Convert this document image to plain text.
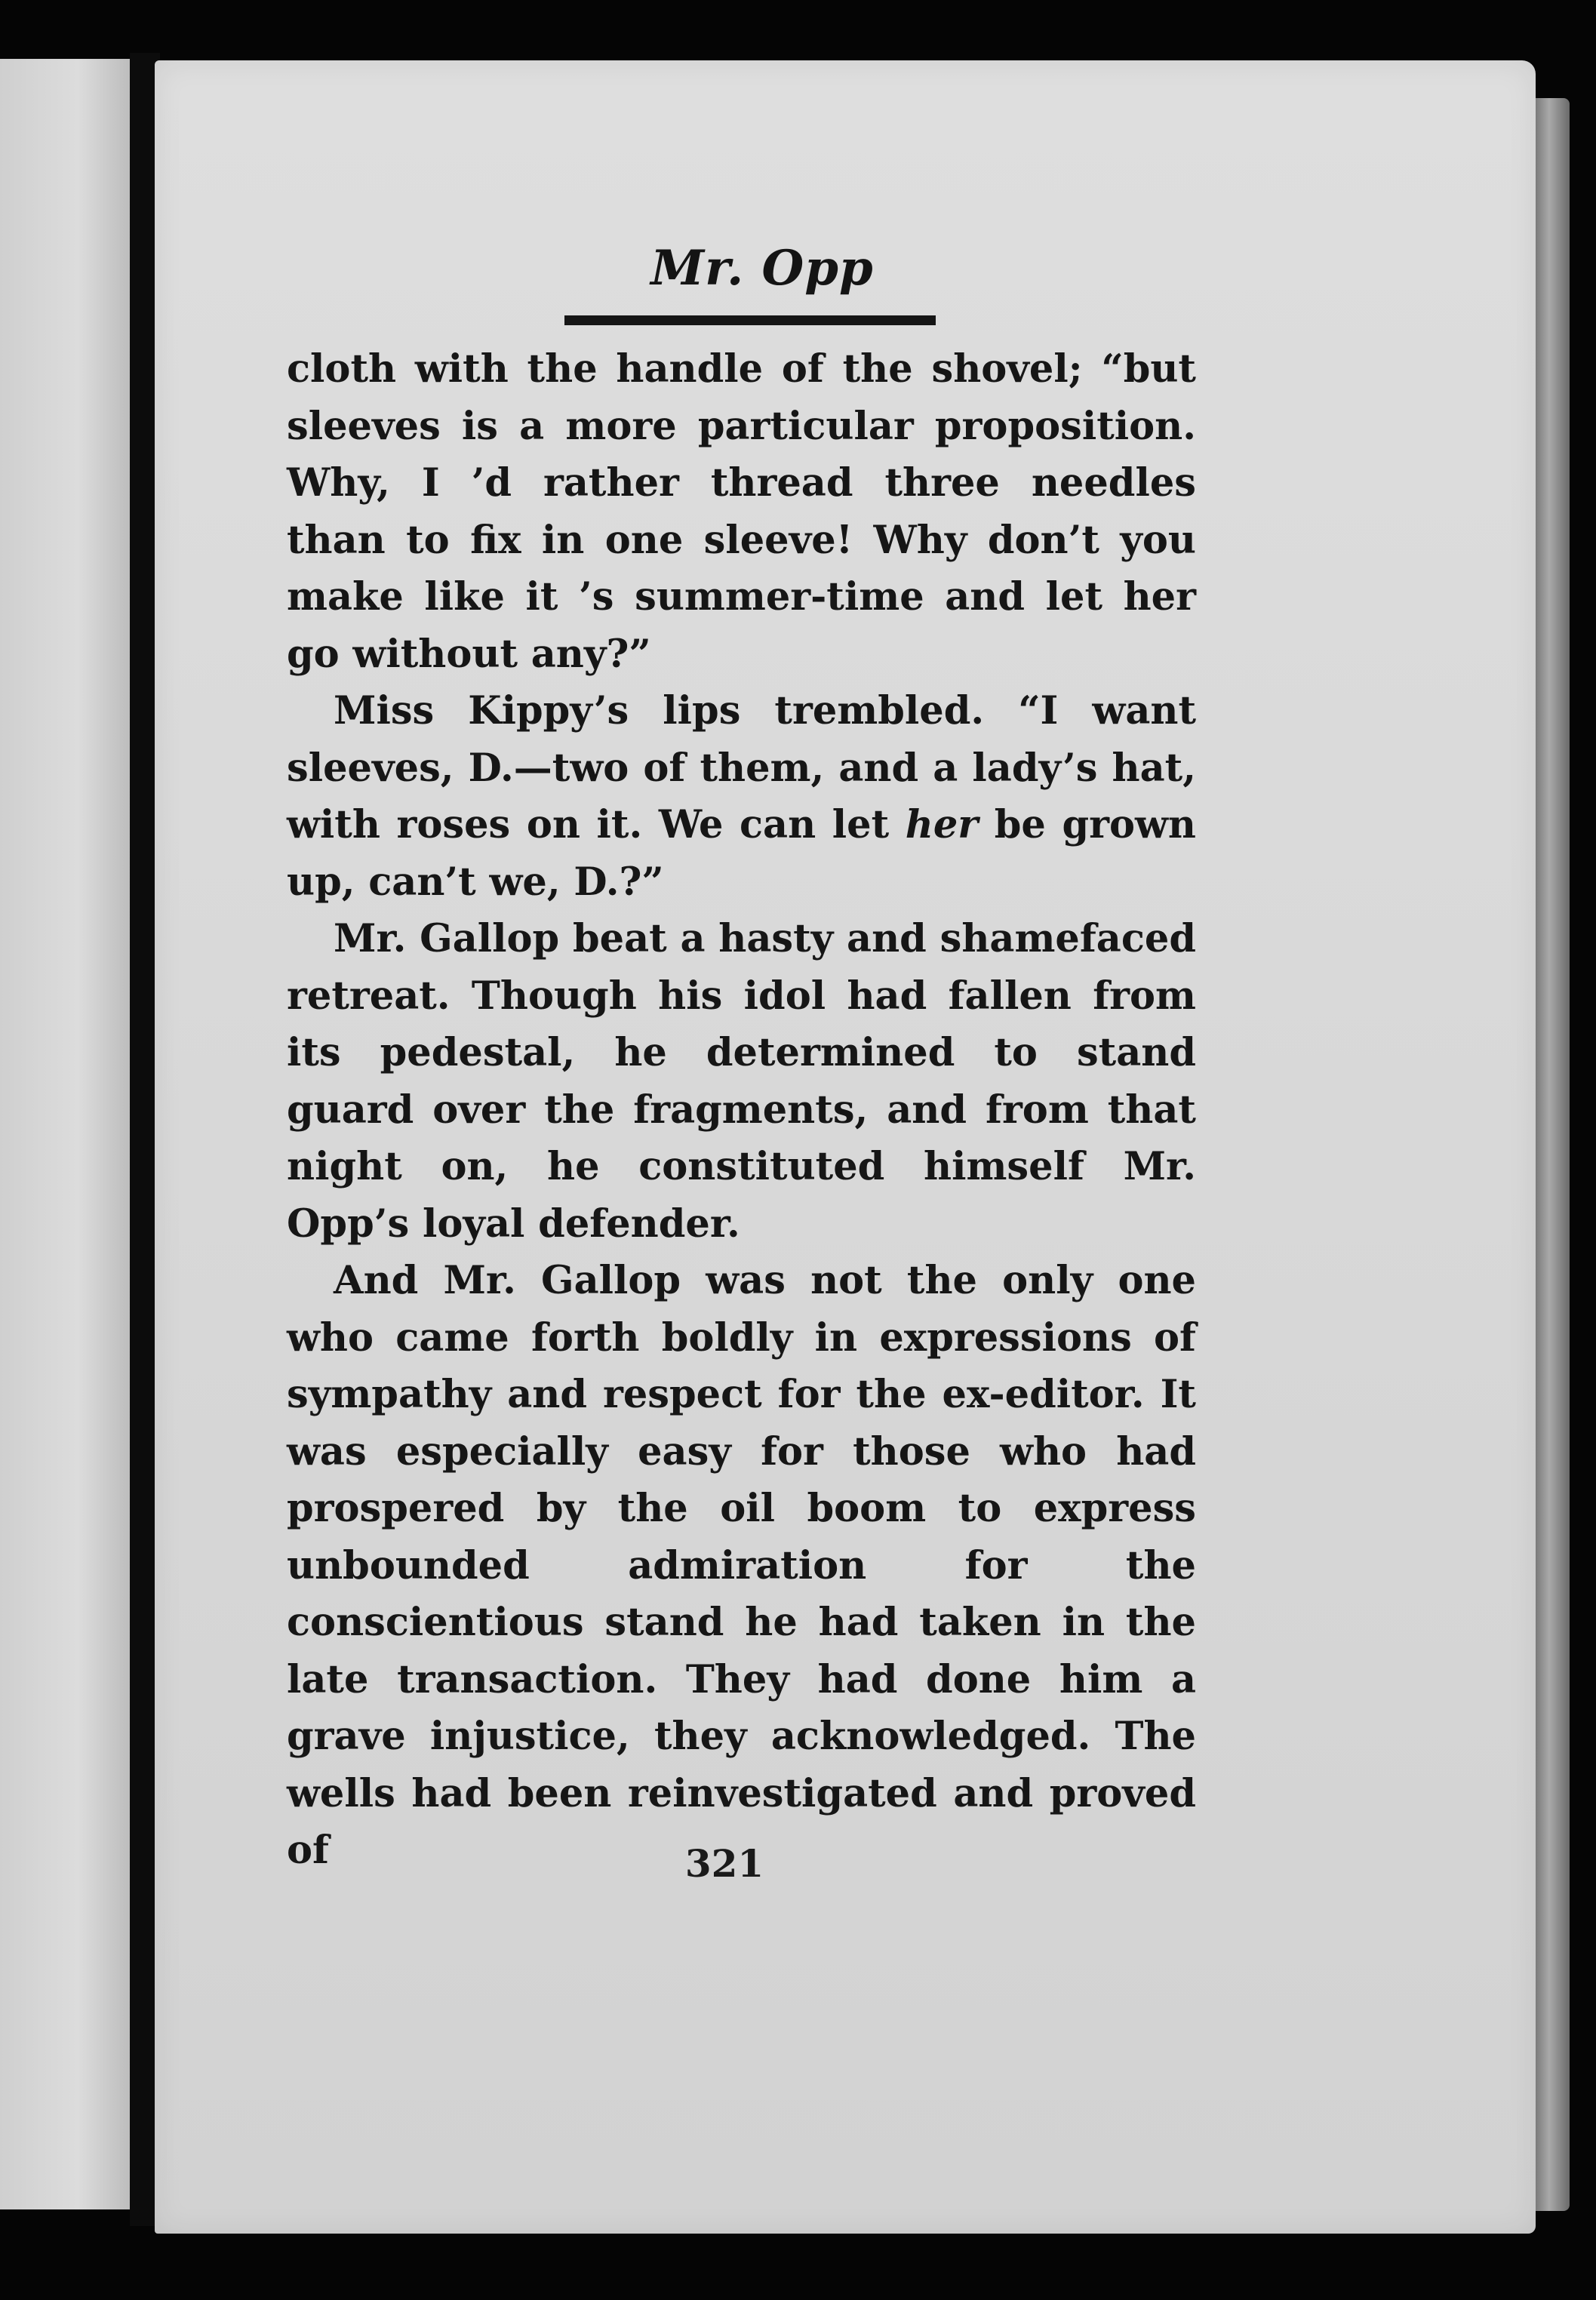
Mr. Opp

cloth with the handle of the shovel; “but sleeves is a more particular proposition. Why, I ’d rather thread three needles than to fix in one sleeve! Why don’t you make like it ’s summer-time and let her go without any?”

Miss Kippy’s lips trembled. “I want sleeves, D.—two of them, and a lady’s hat, with roses on it. We can let her be grown up, can’t we, D.?”

Mr. Gallop beat a hasty and shamefaced retreat. Though his idol had fallen from its pedestal, he determined to stand guard over the fragments, and from that night on, he constituted himself Mr. Opp’s loyal defender.

And Mr. Gallop was not the only one who came forth boldly in expressions of sympathy and respect for the ex-editor. It was especially easy for those who had prospered by the oil boom to express unbounded admiration for the conscientious stand he had taken in the late transaction. They had done him a grave injustice, they acknowledged. The wells had been reinvestigated and proved of	321
